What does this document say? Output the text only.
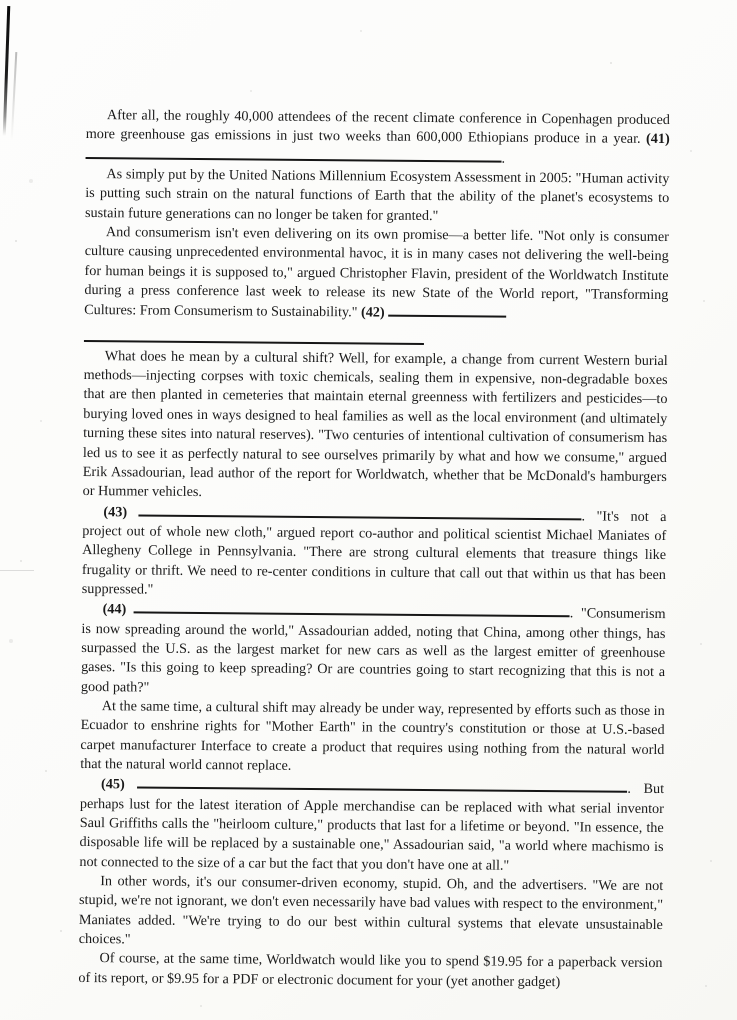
After all, the roughly 40,000 attendees of the recent climate conference in Copenhagen produced more greenhouse gas emissions in just two weeks than 600,000 Ethiopians produce in a year. (41) .
As simply put by the United Nations Millennium Ecosystem Assessment in 2005: "Human activity is putting such strain on the natural functions of Earth that the ability of the planet's ecosystems to sustain future generations can no longer be taken for granted."
And consumerism isn't even delivering on its own promise—a better life. "Not only is consumer culture causing unprecedented environmental havoc, it is in many cases not delivering the well-being for human beings it is supposed to," argued Christopher Flavin, president of the Worldwatch Institute during a press conference last week to release its new State of the World report, "Transforming Cultures: From Consumerism to Sustainability." (42)
What does he mean by a cultural shift? Well, for example, a change from current Western burial methods—injecting corpses with toxic chemicals, sealing them in expensive, non-degradable boxes that are then planted in cemeteries that maintain eternal greenness with fertilizers and pesticides—to burying loved ones in ways designed to heal families as well as the local environment (and ultimately turning these sites into natural reserves). "Two centuries of intentional cultivation of consumerism has led us to see it as perfectly natural to see ourselves primarily by what and how we consume," argued Erik Assadourian, lead author of the report for Worldwatch, whether that be McDonald's hamburgers or Hummer vehicles.
(43)	. "It's not a project out of whole new cloth," argued report co-author and political scientist Michael Maniates of Allegheny College in Pennsylvania. "There are strong cultural elements that treasure things like frugality or thrift. We need to re-center conditions in culture that call out that within us that has been suppressed."
(44)	. "Consumerism is now spreading around the world," Assadourian added, noting that China, among other things, has surpassed the U.S. as the largest market for new cars as well as the largest emitter of greenhouse gases. "Is this going to keep spreading? Or are countries going to start recognizing that this is not a good path?"
At the same time, a cultural shift may already be under way, represented by efforts such as those in Ecuador to enshrine rights for "Mother Earth" in the country's constitution or those at U.S.-based carpet manufacturer Interface to create a product that requires using nothing from the natural world that the natural world cannot replace.
(45)	. But perhaps lust for the latest iteration of Apple merchandise can be replaced with what serial inventor Saul Griffiths calls the "heirloom culture," products that last for a lifetime or beyond. "In essence, the disposable life will be replaced by a sustainable one," Assadourian said, "a world where machismo is not connected to the size of a car but the fact that you don't have one at all."
In other words, it's our consumer-driven economy, stupid. Oh, and the advertisers. "We are not stupid, we're not ignorant, we don't even necessarily have bad values with respect to the environment," Maniates added. "We're trying to do our best within cultural systems that elevate unsustainable choices."
Of course, at the same time, Worldwatch would like you to spend $19.95 for a paperback version of its report, or $9.95 for a PDF or electronic document for your (yet another gadget)
